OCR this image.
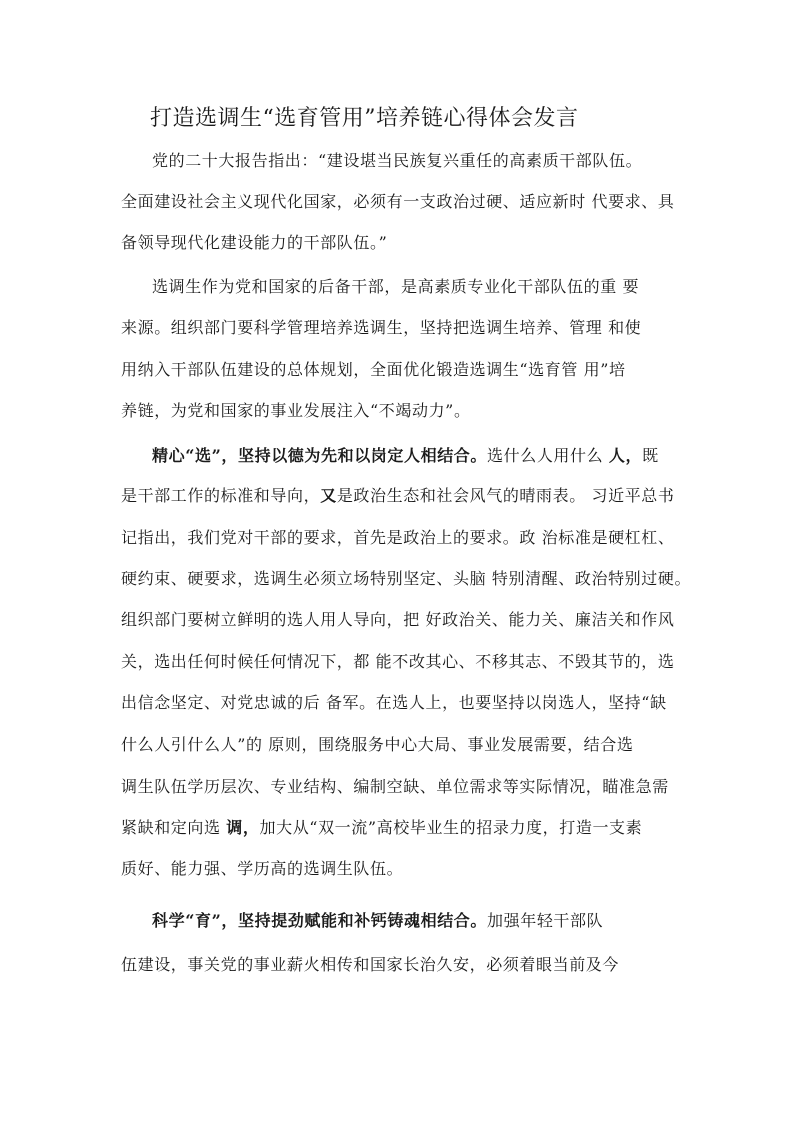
打造选调生“选育管用”培养链心得体会发言
党的二十大报告指出：“建设堪当民族复兴重任的高素质干部队伍。
全面建设社会主义现代化国家，必须有一支政治过硬、适应新时 代要求、具
备领导现代化建设能力的干部队伍。”
选调生作为党和国家的后备干部，是高素质专业化干部队伍的重 要
来源。组织部门要科学管理培养选调生，坚持把选调生培养、管理 和使
用纳入干部队伍建设的总体规划，全面优化锻造选调生“选育管 用”培
养链，为党和国家的事业发展注入“不竭动力”。
精心“选”，坚持以德为先和以岗定人相结合。选什么人用什么 人，既
是干部工作的标准和导向，又是政治生态和社会风气的晴雨表。 习近平总书
记指出，我们党对干部的要求，首先是政治上的要求。政 治标准是硬杠杠、
硬约束、硬要求，选调生必须立场特别坚定、头脑 特别清醒、政治特别过硬。
组织部门要树立鲜明的选人用人导向，把 好政治关、能力关、廉洁关和作风
关，选出任何时候任何情况下，都 能不改其心、不移其志、不毁其节的，选
出信念坚定、对党忠诚的后 备军。在选人上，也要坚持以岗选人，坚持“缺
什么人引什么人”的 原则，围绕服务中心大局、事业发展需要，结合选
调生队伍学历层次、专业结构、编制空缺、单位需求等实际情况，瞄准急需
紧缺和定向选 调，加大从“双一流”高校毕业生的招录力度，打造一支素
质好、能力强、学历高的选调生队伍。
科学“育”，坚持提劲赋能和补钙铸魂相结合。加强年轻干部队
伍建设，事关党的事业薪火相传和国家长治久安，必须着眼当前及今
